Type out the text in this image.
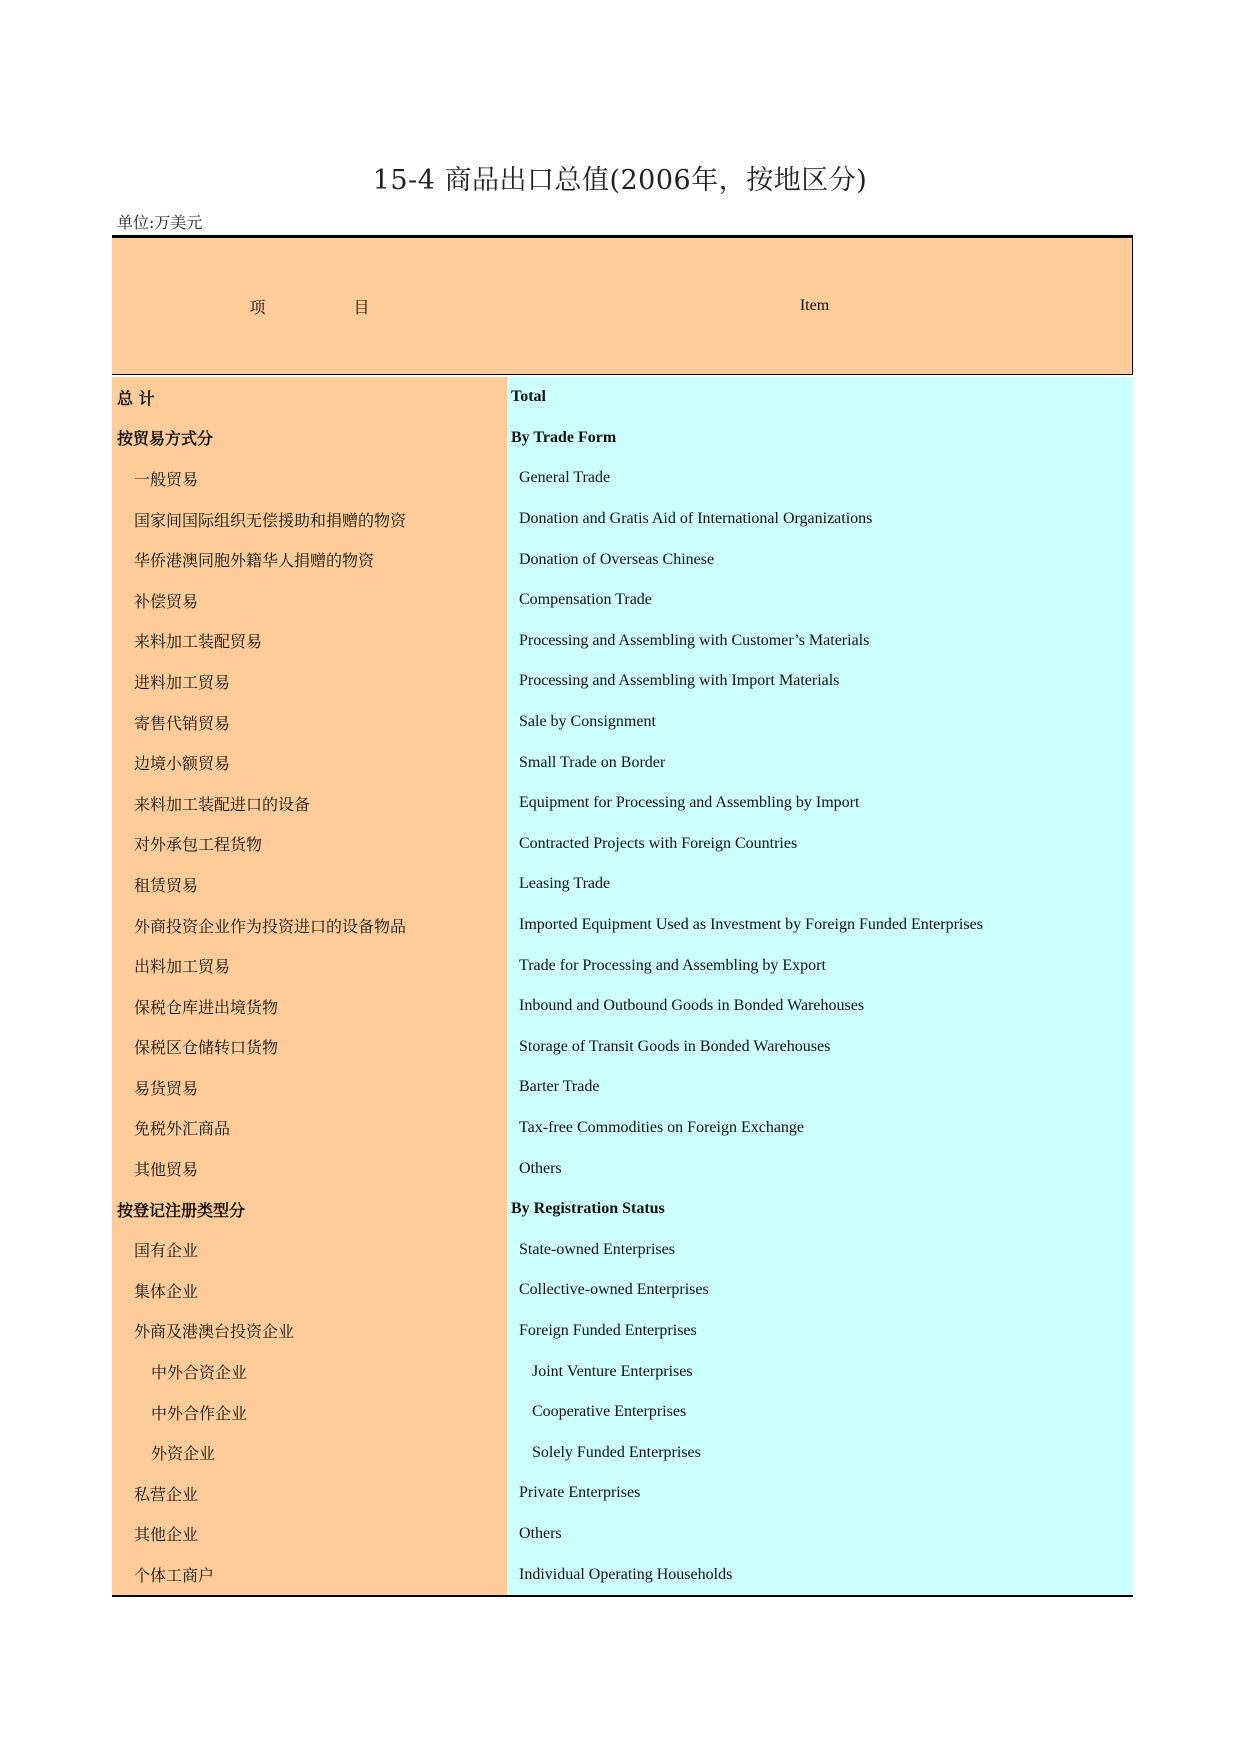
15-4 商品出口总值(2006年，按地区分)
单位:万美元
项	目	Item
总 计
按贸易方式分
一般贸易
国家间国际组织无偿援助和捐赠的物资
华侨港澳同胞外籍华人捐赠的物资
补偿贸易
来料加工装配贸易
进料加工贸易
寄售代销贸易
边境小额贸易
来料加工装配进口的设备
对外承包工程货物
租赁贸易
外商投资企业作为投资进口的设备物品
出料加工贸易
保税仓库进出境货物
保税区仓储转口货物
易货贸易
免税外汇商品
其他贸易
按登记注册类型分
国有企业
集体企业
外商及港澳台投资企业
中外合资企业
中外合作企业
外资企业
私营企业
其他企业
个体工商户
Total
By Trade Form
General Trade
Donation and Gratis Aid of International Organizations
Donation of Overseas Chinese
Compensation Trade
Processing and Assembling with Customer’s Materials
Processing and Assembling with Import Materials
Sale by Consignment
Small Trade on Border
Equipment for Processing and Assembling by Import
Contracted Projects with Foreign Countries
Leasing Trade
Imported Equipment Used as Investment by Foreign Funded Enterprises
Trade for Processing and Assembling by Export
Inbound and Outbound Goods in Bonded Warehouses
Storage of Transit Goods in Bonded Warehouses
Barter Trade
Tax-free Commodities on Foreign Exchange
Others
By Registration Status
State-owned Enterprises
Collective-owned Enterprises
Foreign Funded Enterprises
Joint Venture Enterprises
Cooperative Enterprises
Solely Funded Enterprises
Private Enterprises
Others
Individual Operating Households
